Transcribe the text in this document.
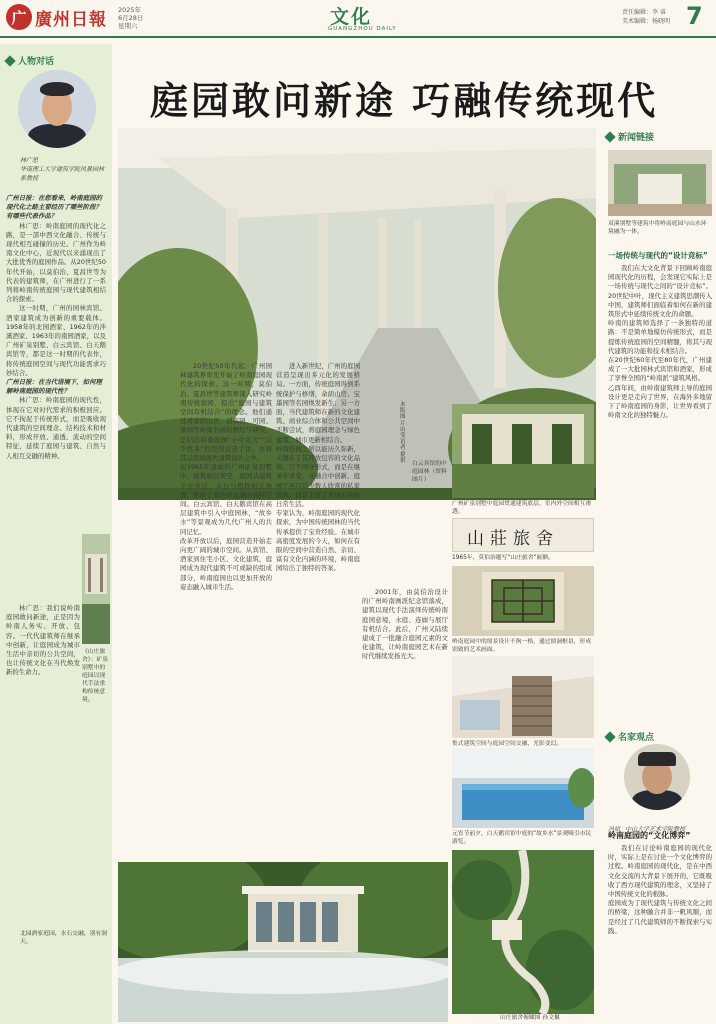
广 廣州日報 2025年
6月28日
星期六	文化
GUANGZHOU DAILY
责任编辑：李 睿
美术编辑：杨晓明 7
人物对话
林广思
华南理工大学建筑学院风景园林系教授

广州日报：在您看来，岭南庭园的现代化之路主要经历了哪些阶段？有哪些代表作品？

林广思：岭南庭园的现代化之路，是一部中西文化融合、传统与现代相互碰撞的历史。广州作为岭南文化中心，近现代以来涌现出了大批优秀的庭园作品。从20世纪50年代开始，以莫伯治、夏昌世等为代表的建筑师，在广州进行了一系列将岭南传统庭园与现代建筑相结合的探索。

这一时期，广州的园林宾馆、酒家建筑成为创新的重要载体。1958年的北园酒家、1962年的泮溪酒家、1963年的南园酒家，以及广州矿泉别墅、白云宾馆、白天鹅宾馆等，都是这一时期的代表作，将传统庭园空间与现代功能需求巧妙结合。

广州日报：在当代语境下，如何理解岭南庭园的现代性？

林广思：岭南庭园的现代性，体现在它对时代需求的积极回应。它不拘泥于传统形式，而是吸收现代建筑的空间理念、结构技术和材料，形成开放、通透、流动的空间特征，延续了庭园与建筑、自然与人相互交融的精神。

《山庄旅舍》：矿泉别墅中的庭园以现代手法重构传统意境。

林广思：我们说岭南庭园敢问新途，正是因为岭南人务实、开放、包容。一代代建筑师在继承中创新，让庭园成为城市生活中亲切的公共空间，也让传统文化在当代焕发新的生命力。

庭园敢问新途 巧融传统现代
本版图片由受访者提供

20世纪50年代起，广州园林建筑界率先开始了岭南庭园现代化的探索。这一时期，莫伯治、夏昌世等建筑师深入研究岭南传统庭园，提出“庭园与建筑空间有机结合”的理念。他们通过对余荫山房、清晖园、可园、梁园等岭南名园的测绘与研究，总结出岭南庭园“小中见大”“以少胜多”的空间营造手法，并将其运用到现代建筑设计之中。
在1965年建成的广州矿泉别墅中，建筑底层架空，庭园从建筑下方穿过，水石与植物相互渗透，形成了室内外交融的独特空间。白云宾馆、白天鹅宾馆在高层建筑中引入中庭园林，“故乡水”等景观成为几代广州人的共同记忆。
改革开放以后，庭园营造开始走向更广阔的城市空间。从宾馆、酒家到住宅小区、文化建筑，庭园成为现代建筑不可或缺的组成部分，岭南庭园也以更加开放的姿态融入城市生活。

进入新世纪，广州的庭园营造呈现出多元化的发展格局。一方面，传统庭园得到系统保护与修缮，余荫山房、宝墨园等名园焕发新生；另一方面，当代建筑师在新的文化建筑、商业综合体和公共空间中不断尝试，将庭园理念与绿色建筑、城市更新相结合。
岭南庭园之所以能历久弥新，关键在于其开放包容的文化品格。它不固守形式，而是在继承中求变，在融合中创新。庭园不再只是少数人欣赏的私家园林，而是走进了普通市民的日常生活。
专家认为，岭南庭园的现代化探索，为中国传统园林的当代传承提供了宝贵经验。在城市高密度发展的今天，如何在有限的空间中营造自然、亲切、富有文化内涵的环境，岭南庭园给出了独特的答案。

2001年，由莫伯治设计的广州岭南画派纪念馆落成，建筑以现代手法演绎传统岭南庭园意境，水庭、连廊与展厅有机结合。此后，广州又陆续建成了一批融合庭园元素的文化建筑，让岭南庭园艺术在新时代继续发扬光大。

广州矿泉别墅中庭园贯通建筑底层，室内外空间相互渗透。
山莊旅舍
1965年，莫伯治题写“山庄旅舍”匾额。
岭南庭园中的窗景设计不拘一格，通过窗洞框景，形成别致的艺术画面。
集式建筑空间与庭园空间交融，光影变幻。
元宵节前夕，白天鹅宾馆中庭的“故乡水”景观吸引市民游览。
北园酒家庭园，水石交融，别有洞天。
山庄旅舍俯瞰图 孙文摄
新闻链接
双溪别墅等建筑中将岭南庭园与山水环境融为一体。
一场传统与现代的“设计竞标”

我们在大文化背景下回顾岭南庭园现代化的历程，会发现它实际上是一场传统与现代之间的“设计竞标”。20世纪中叶，现代主义建筑思潮传入中国，建筑师们面临着如何在新的建筑形式中延续传统文化的命题。
岭南的建筑师选择了一条独特的道路：不是简单地模仿传统形式，而是提炼传统庭园的空间精髓，将其与现代建筑的功能和技术相结合。
在20世纪60年代至80年代，广州建成了一大批园林式宾馆和酒家，形成了享誉全国的“岭南派”建筑风格。
乙酉年间，由岭南建筑师主导的庭园设计更是走向了世界，在海外多地留下了岭南庭园的身影，让世界看到了岭南文化的独特魅力。

名家观点
冯原 中山大学艺术学院教授
岭南庭园的“文化博弈”

我们在讨论岭南庭园的现代化时，实际上是在讨论一个文化博弈的过程。岭南庭园的现代化，是在中西文化交流的大背景下展开的，它既吸收了西方现代建筑的理念，又坚持了中国传统文化的根脉。
庭园成为了现代建筑与传统文化之间的桥梁，这种融合并非一帆风顺，而是经过了几代建筑师的不断探索与实践。

白云宾馆的中庭园林（资料图片）
